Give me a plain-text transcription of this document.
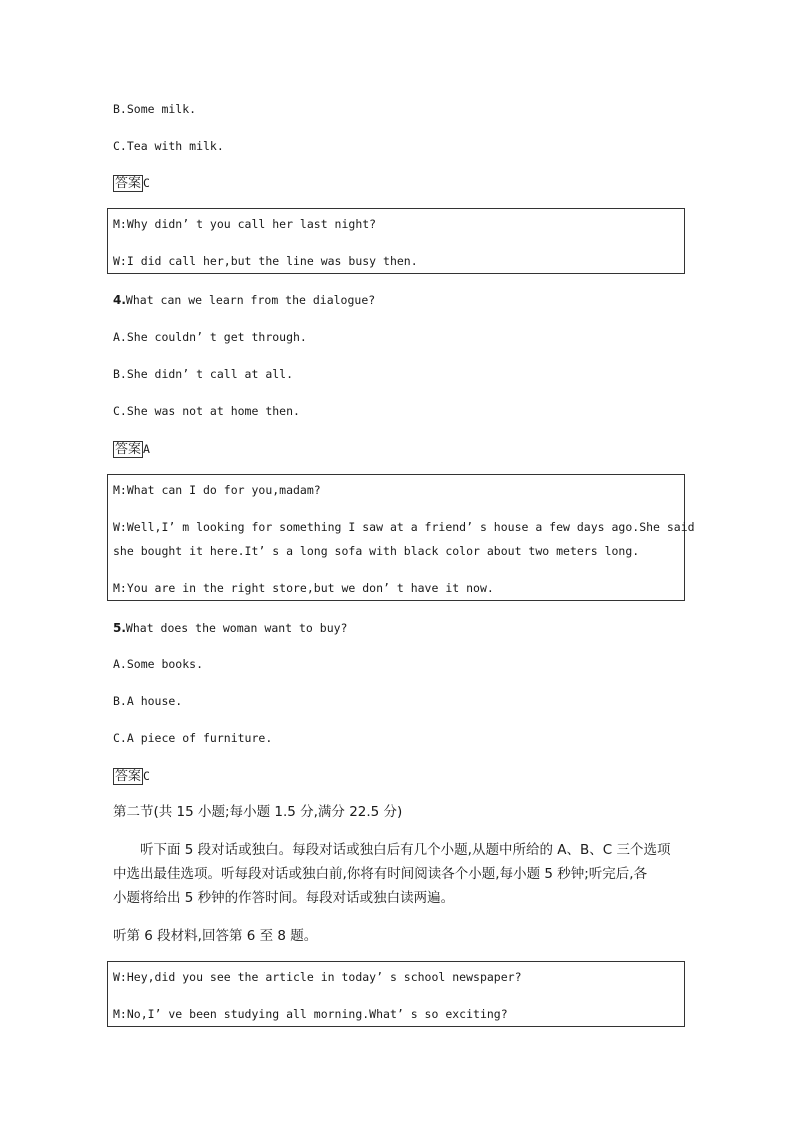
B.Some milk.
C.Tea with milk.
答案 C
M:Why didn’ t you call her last night?
W:I did call her,but the line was busy then.
4.What can we learn from the dialogue?
A.She couldn’ t get through.
B.She didn’ t call at all.
C.She was not at home then.
答案 A
M:What can I do for you,madam?
W:Well,I’ m looking for something I saw at a friend’ s house a few days ago.She said
she bought it here.It’ s a long sofa with black color about two meters long.
M:You are in the right store,but we don’ t have it now.
5.What does the woman want to buy?
A.Some books.
B.A house.
C.A piece of furniture.
答案 C
第二节(共 15 小题;每小题 1.5 分,满分 22.5 分)
听下面 5 段对话或独白。每段对话或独白后有几个小题,从题中所给的 A、B、C 三个选项
中选出最佳选项。听每段对话或独白前,你将有时间阅读各个小题,每小题 5 秒钟;听完后,各
小题将给出 5 秒钟的作答时间。每段对话或独白读两遍。
听第 6 段材料,回答第 6 至 8 题。
W:Hey,did you see the article in today’ s school newspaper?
M:No,I’ ve been studying all morning.What’ s so exciting?
